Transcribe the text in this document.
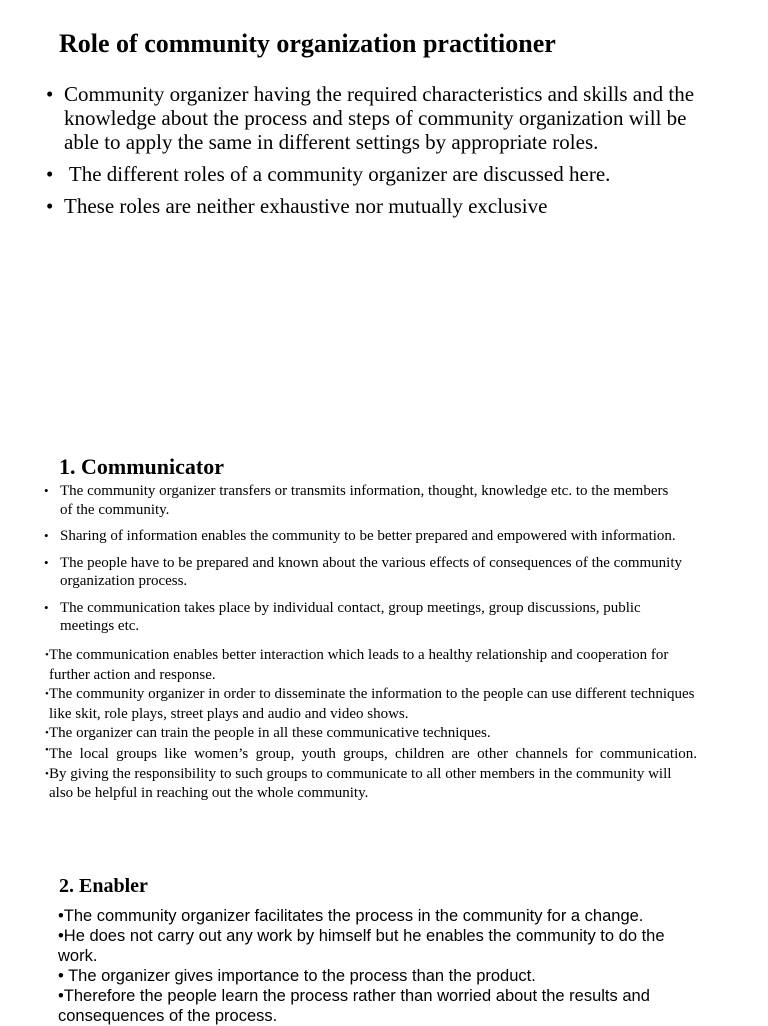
Role of community organization practitioner
• Community organizer having the required characteristics and skills and the knowledge about the process and steps of community organization will be able to apply the same in different settings by appropriate roles.
• The different roles of a community organizer are discussed here.
• These roles are neither exhaustive nor mutually exclusive
1. Communicator
• The community organizer transfers or transmits information, thought, knowledge etc. to the members of the community.
• Sharing of information enables the community to be better prepared and empowered with information.
• The people have to be prepared and known about the various effects of consequences of the community organization process.
• The communication takes place by individual contact, group meetings, group discussions, public meetings etc.
• The communication enables better interaction which leads to a healthy relationship and cooperation for further action and response.
• The community organizer in order to disseminate the information to the people can use different techniques like skit, role plays, street plays and audio and video shows.
• The organizer can train the people in all these communicative techniques.
• The local groups like women’s group, youth groups, children are other channels for communication.
• By giving the responsibility to such groups to communicate to all other members in the community will also be helpful in reaching out the whole community.
2. Enabler
•The community organizer facilitates the process in the community for a change.
•He does not carry out any work by himself but he enables the community to do the work.
• The organizer gives importance to the process than the product.
•Therefore the people learn the process rather than worried about the results and consequences of the process.
